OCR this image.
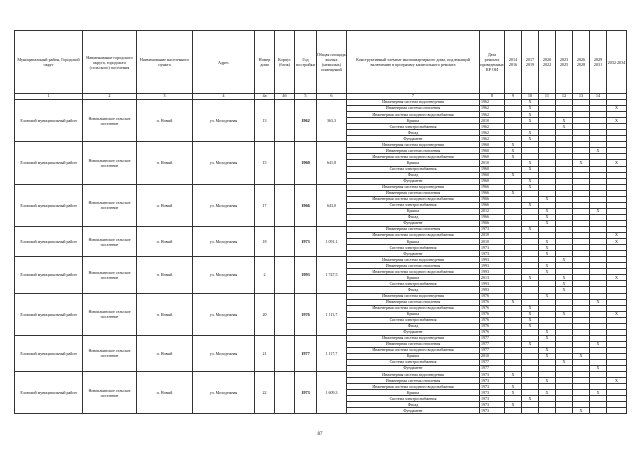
Муниципальный район, Городской округ	Наименование городского округа, городского (сельского) поселения	Наименование населенного пункта	Адрес	Номер дома	Корпус (блок)	Год постройки	Общая площадь жилых (нежилых) помещений	Конструктивный элемент многоквартирного дома, подлежащий включению в программу капитального ремонта	Дата ремонта проведенных КР ОИ	2014 2016	2017 2019	2020 2022	2023 2025	2026 2028	2029 2031	2032 2034
1	2	3	4	4а	4б	5	6	7	8	9	10	11	12	13	14	
Еловский муниципальный район	Новоильинское сельское поселение	п. Новый	ул. Молодежная	13		1962	363,3	Инженерная система водоотведения	1962		X					
								Инженерная система отопления	1962		X					X
								Инженерная система холодного водоснабжения	1962		X					
								Крыша	2010		X		X			X
								Система электроснабжения	1962				X			
								Фасад	1962		X					
								Фундамент	1962		X					
Еловский муниципальный район	Новоильинское сельское поселение	п. Новый	ул. Молодежная	15		1960	641,8	Инженерная система водоотведения	1960	X						
								Инженерная система отопления	1960	X					X	
								Инженерная система холодного водоснабжения	1960	X						
								Крыша	2010		X			X		X
								Система электроснабжения	1960		X					
								Фасад	1960	X						
								Фундамент	1960		X					
Еловский муниципальный район	Новоильинское сельское поселение	п. Новый	ул. Молодежная	17		1966	643,0	Инженерная система водоотведения	1966		X					
								Инженерная система отопления	1966	X						
								Инженерная система холодного водоснабжения	1966			X				
								Система электроснабжения	1966		X					
								Крыша	2012			X			X	
								Фасад	1966			X				
								Фундамент	1966			X				
Еловский муниципальный район	Новоильинское сельское поселение	п. Новый	ул. Молодежная	18		1973	1 091,1	Инженерная система отопления	1973		X					
								Инженерная система холодного водоснабжения	2010							X
								Крыша	2010			X				X
								Система электроснабжения	1973			X				
								Фундамент	1973			X				
Еловский муниципальный район	Новоильинское сельское поселение	п. Новый	ул. Молодежная	2		1993	1 747,5	Инженерная система водоотведения	1993				X			
								Инженерная система отопления	1993			X				
								Инженерная система холодного водоснабжения	1993			X				
								Крыша	2013		X		X			X
								Система электроснабжения	1993				X			
								Фасад	1993				X			
Еловский муниципальный район	Новоильинское сельское поселение	п. Новый	ул. Молодежная	20		1976	1 113,7	Инженерная система водоотведения	1976			X				
								Инженерная система отопления	1976	X					X	
								Инженерная система холодного водоснабжения	1976		X					
								Крыша	1976		X		X			X
								Система электроснабжения	1976		X					
								Фасад	1976		X					
								Фундамент	1976			X				
Еловский муниципальный район	Новоильинское сельское поселение	п. Новый	ул. Молодежная	21		1977	1 117,7	Инженерная система водоотведения	1977			X				
								Инженерная система отопления	1977		X				X	
								Инженерная система холодного водоснабжения	1977			X				
								Крыша	2010			X		X		
								Система электроснабжения	1977				X			
								Фундамент	1977						X	
Еловский муниципальный район	Новоильинское сельское поселение	п. Новый	ул. Молодежная	22		1973	1 609,3	Инженерная система водоотведения	1973	X						
								Инженерная система отопления	1973			X				X
								Инженерная система холодного водоснабжения	1973	X						
								Крыша	1973	X		X			X	
								Система электроснабжения	1973		X					
								Фасад	1973	X						
								Фундамент	1973					X		
87
